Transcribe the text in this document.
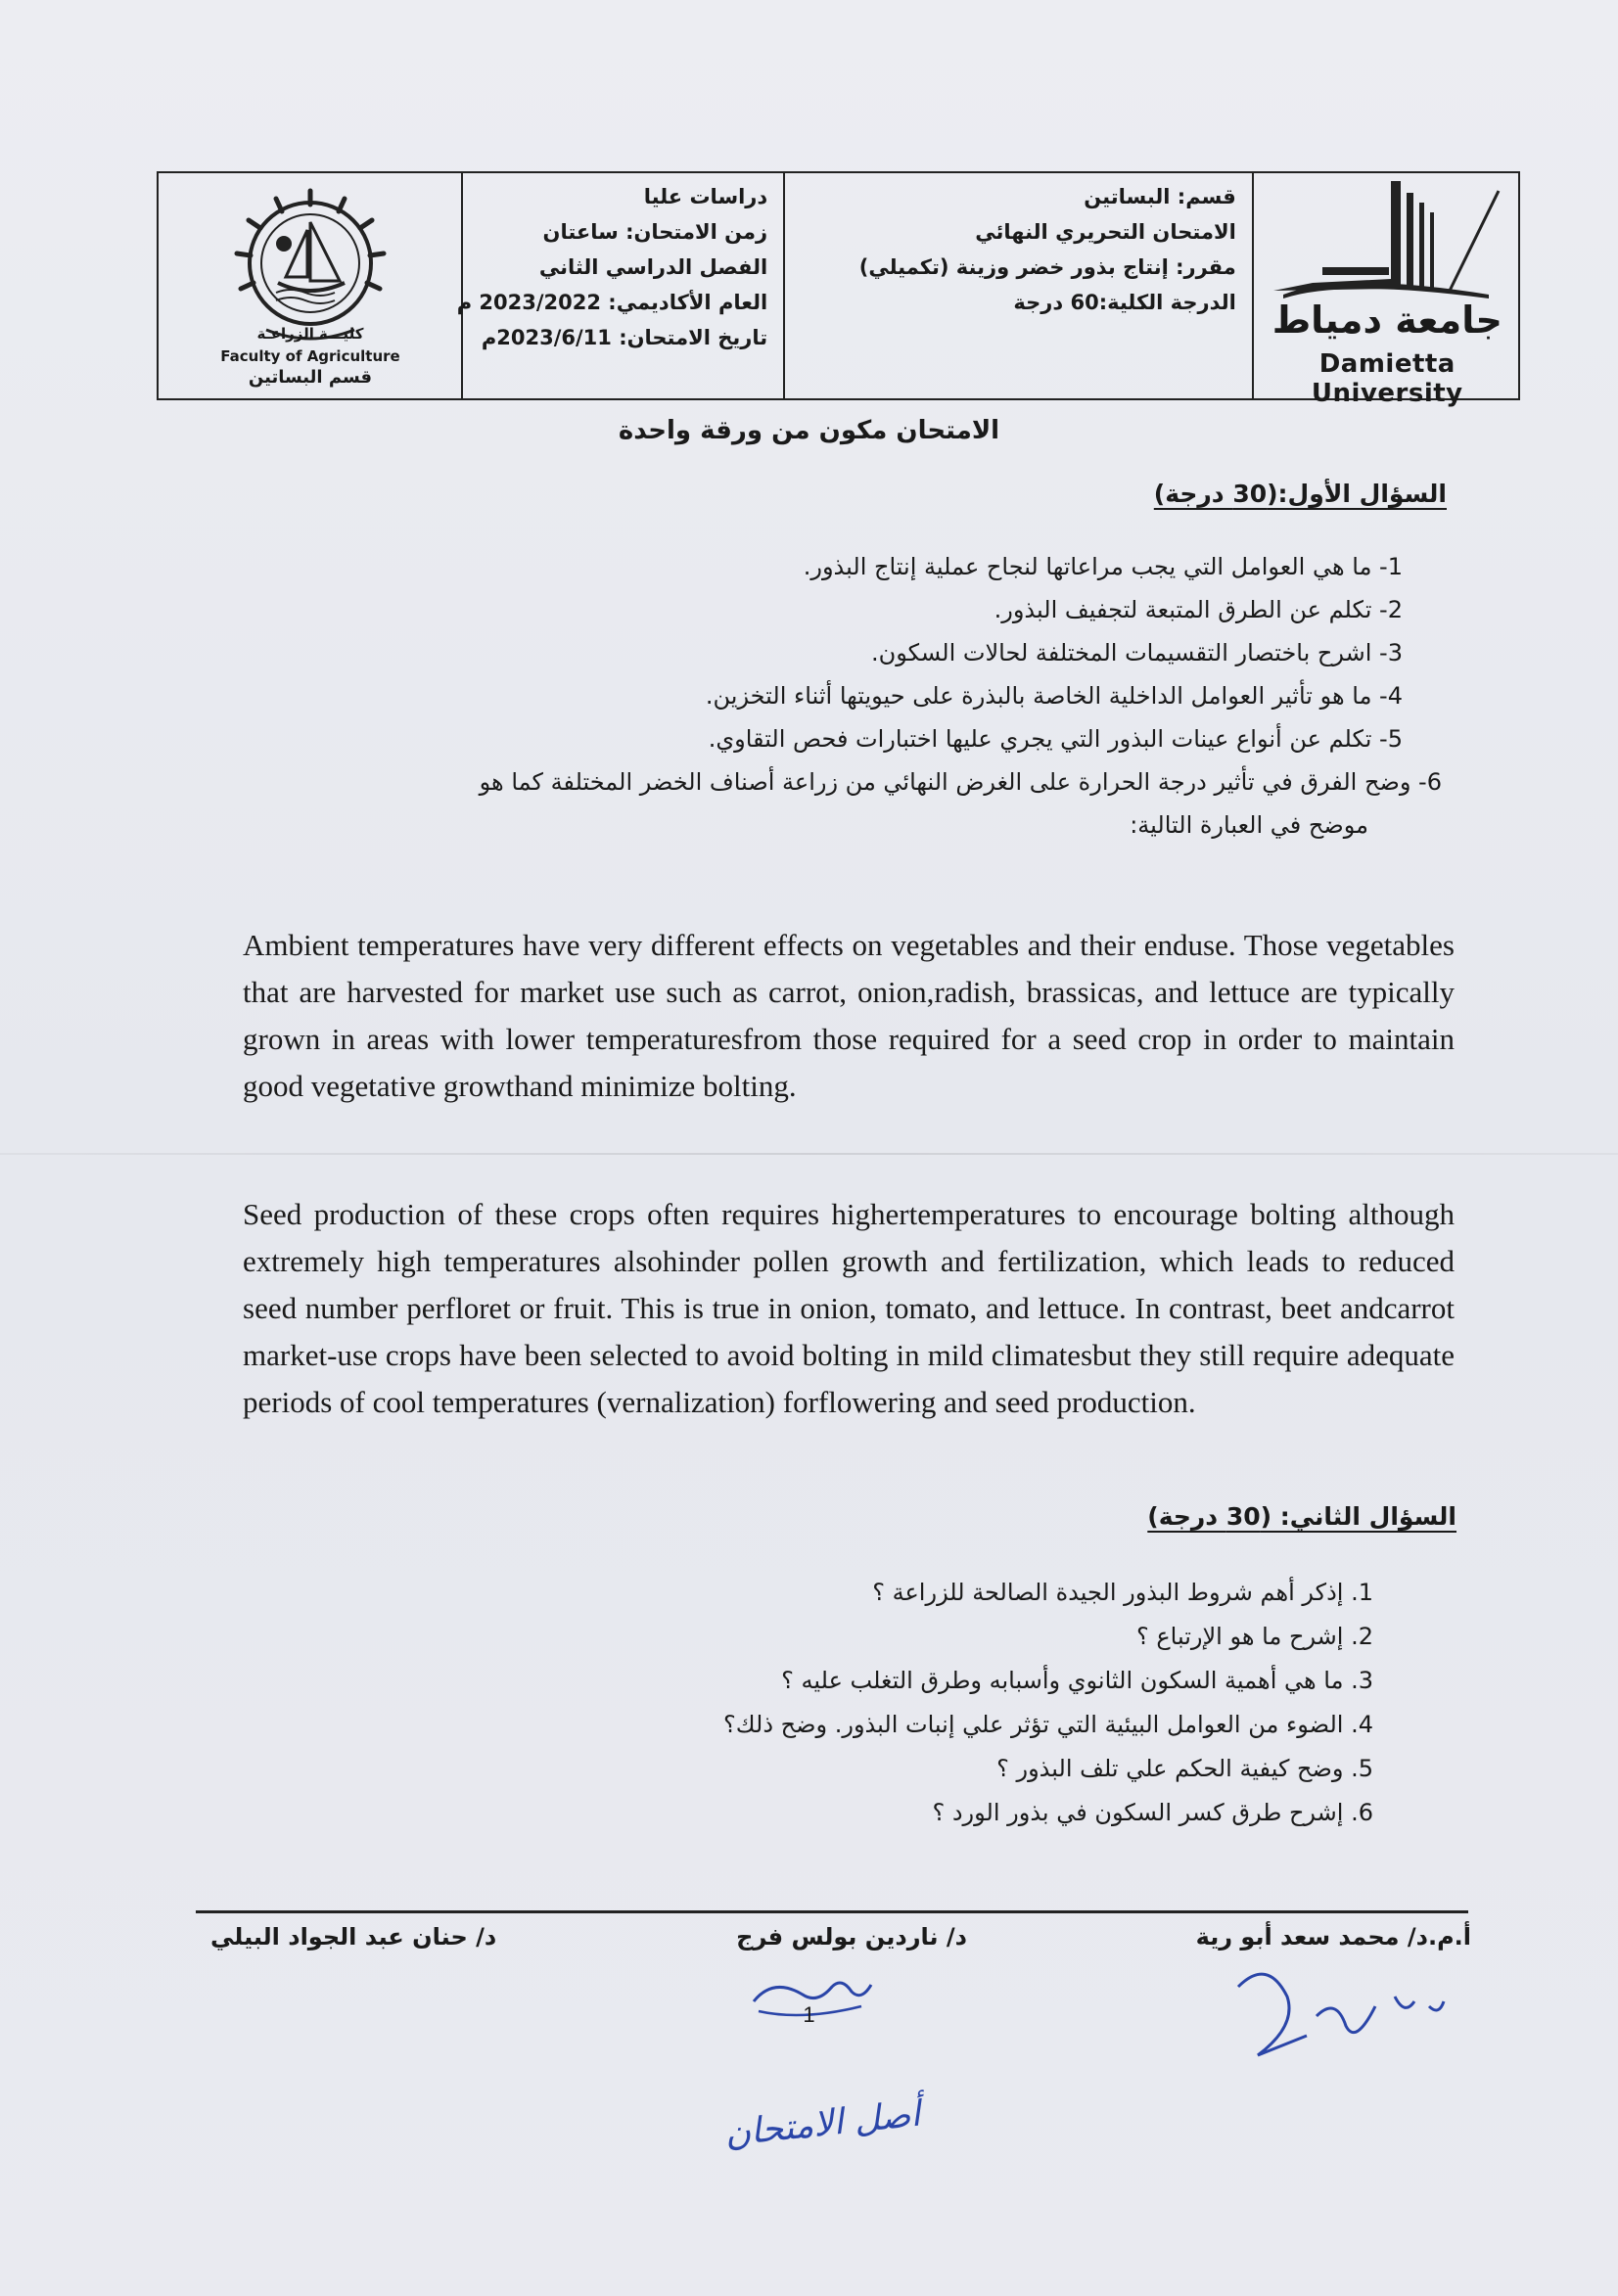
كليـــة الزراعـة
Faculty of Agriculture
قسم البساتين
دراسات عليا
زمن الامتحان: ساعتان
الفصل الدراسي الثاني
العام الأكاديمي: 2023/2022 م
تاريخ الامتحان: 2023/6/11م
قسم: البساتين
الامتحان التحريري النهائي
مقرر: إنتاج بذور خضر وزينة (تكميلي)
الدرجة الكلية:60 درجة جامعة دمياط
Damietta University
الامتحان مكون من ورقة واحدة
السؤال الأول:(30 درجة)
1- ما هي العوامل التي يجب مراعاتها لنجاح عملية إنتاج البذور.
2- تكلم عن الطرق المتبعة لتجفيف البذور.
3- اشرح باختصار التقسيمات المختلفة لحالات السكون.
4- ما هو تأثير العوامل الداخلية الخاصة بالبذرة على حيويتها أثناء التخزين.
5- تكلم عن أنواع عينات البذور التي يجري عليها اختبارات فحص التقاوي.
6- وضح الفرق في تأثير درجة الحرارة على الغرض النهائي من زراعة أصناف الخضر المختلفة كما هو
موضح في العبارة التالية:
Ambient temperatures have very different effects on vegetables and their enduse. Those vegetables that are harvested for market use such as carrot, onion,radish, brassicas, and lettuce are typically grown in areas with lower temperaturesfrom those required for a seed crop in order to maintain good vegetative growthand minimize bolting.
Seed production of these crops often requires highertemperatures to encourage bolting although extremely high temperatures alsohinder pollen growth and fertilization, which leads to reduced seed number perfloret or fruit. This is true in onion, tomato, and lettuce. In contrast, beet andcarrot market-use crops have been selected to avoid bolting in mild climatesbut they still require adequate periods of cool temperatures (vernalization) forflowering and seed production.
السؤال الثاني: (30 درجة)
1. إذكر أهم شروط البذور الجيدة الصالحة للزراعة ؟
2. إشرح ما هو الإرتباع ؟
3. ما هي أهمية السكون الثانوي وأسبابه وطرق التغلب عليه ؟
4. الضوء من العوامل البيئية التي تؤثر علي إنبات البذور. وضح ذلك؟
5. وضح كيفية الحكم علي تلف البذور ؟
6. إشرح طرق كسر السكون في بذور الورد ؟
أ.م.د/ محمد سعد أبو رية
د/ ناردين بولس فرج
د/ حنان عبد الجواد البيلي
1
أصل الامتحان
